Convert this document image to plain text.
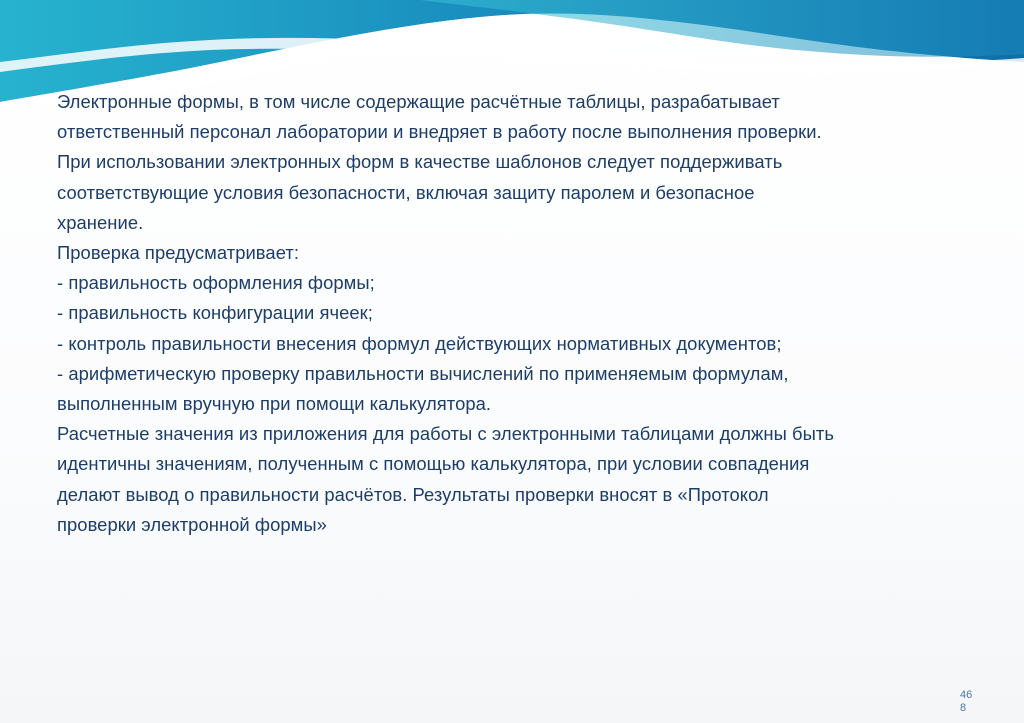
Электронные формы, в том числе содержащие расчётные таблицы, разрабатывает

ответственный персонал лаборатории и внедряет в работу после выполнения проверки.

При использовании электронных форм в качестве шаблонов следует поддерживать

соответствующие условия безопасности, включая защиту паролем и безопасное

хранение.

Проверка предусматривает:

- правильность оформления формы;

- правильность конфигурации ячеек;

- контроль правильности внесения формул действующих нормативных документов;

- арифметическую проверку правильности вычислений по применяемым формулам,

выполненным вручную при помощи калькулятора.

Расчетные значения из приложения для работы с электронными таблицами должны быть

идентичны значениям, полученным с помощью калькулятора, при условии совпадения

делают вывод о правильности расчётов. Результаты проверки вносят в «Протокол

проверки электронной формы»

468
